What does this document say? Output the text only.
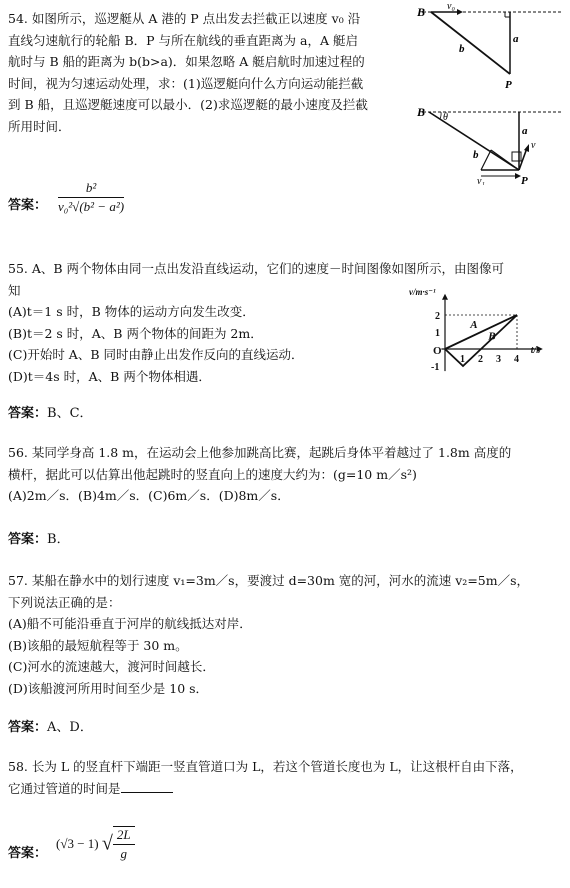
54. 如图所示，巡逻艇从 A 港的 P 点出发去拦截正以速度 v₀ 沿
直线匀速航行的轮船 B．P 与所在航线的垂直距离为 a，A 艇启
航时与 B 船的距离为 b(b>a)．如果忽略 A 艇启航时加速过程的
时间，视为匀速运动处理，求：(1)巡逻艇向什么方向运动能拦截
到 B 船，且巡逻艇速度可以最小．(2)求巡逻艇的最小速度及拦截
所用时间．
B v₀
a
b
P
B θ
a
b
v
v₁	P
答案： $\frac{\text{b²}}{\text{v₀²√(b² − a²)}}$
55. A、B 两个物体由同一点出发沿直线运动，它们的速度－时间图像如图所示，由图像可
知
(A)t＝1 s 时，B 物体的运动方向发生改变．
(B)t＝2 s 时，A、B 两个物体的间距为 2m．
(C)开始时 A、B 同时由静止出发作反向的直线运动．
(D)t＝4s 时，A、B 两个物体相遇．
v/m·s⁻¹
t/s
O
2
1
-1
1 2 3 4
A
B
答案：B、C．
56. 某同学身高 1.8 m，在运动会上他参加跳高比赛，起跳后身体平着越过了 1.8m 高度的
横杆，据此可以估算出他起跳时的竖直向上的速度大约为：(g=10 m／s²)
(A)2m／s．(B)4m／s．(C)6m／s．(D)8m／s．
答案：B．
57. 某船在静水中的划行速度 v₁=3m／s，要渡过 d=30m 宽的河，河水的流速 v₂=5m／s，
下列说法正确的是：
(A)船不可能沿垂直于河岸的航线抵达对岸．
(B)该船的最短航程等于 30 m。
(C)河水的流速越大，渡河时间越长．
(D)该船渡河所用时间至少是 10 s．
答案：A、D．
58. 长为 L 的竖直杆下端距一竖直管道口为 L，若这个管道长度也为 L，让这根杆自由下落，
它通过管道的时间是
答案：
(√3 − 1) √ $\frac{2L}{g}$
